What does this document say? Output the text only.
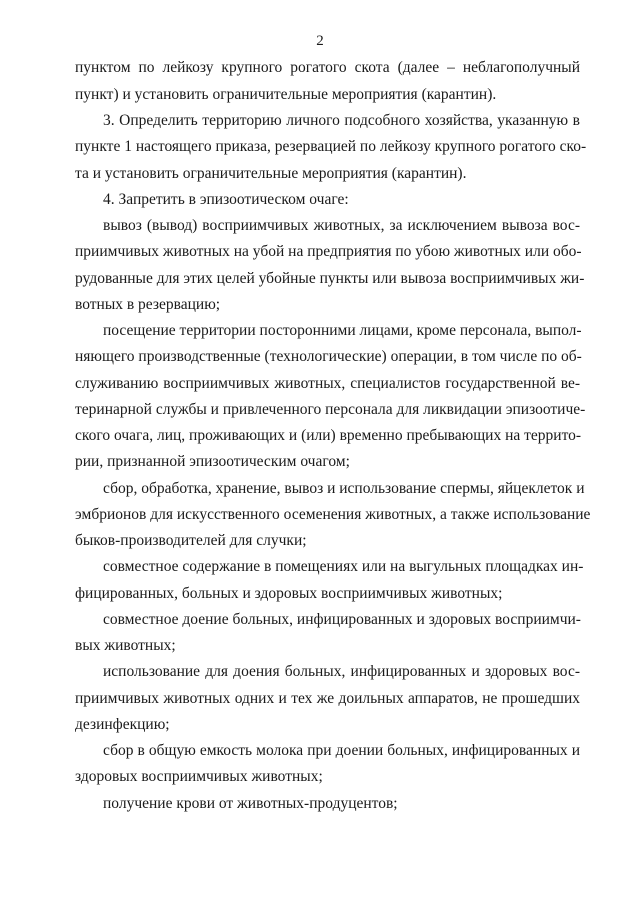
2
пунктом по лейкозу крупного рогатого скота (далее – неблагополучный
пункт) и установить ограничительные мероприятия (карантин).
3. Определить территорию личного подсобного хозяйства, указанную в
пункте 1 настоящего приказа, резервацией по лейкозу крупного рогатого ско-
та и установить ограничительные мероприятия (карантин).
4. Запретить в эпизоотическом очаге:
вывоз (вывод) восприимчивых животных, за исключением вывоза вос-
приимчивых животных на убой на предприятия по убою животных или обо-
рудованные для этих целей убойные пункты или вывоза восприимчивых жи-
вотных в резервацию;
посещение территории посторонними лицами, кроме персонала, выпол-
няющего производственные (технологические) операции, в том числе по об-
служиванию восприимчивых животных, специалистов государственной ве-
теринарной службы и привлеченного персонала для ликвидации эпизоотиче-
ского очага, лиц, проживающих и (или) временно пребывающих на террито-
рии, признанной эпизоотическим очагом;
сбор, обработка, хранение, вывоз и использование спермы, яйцеклеток и
эмбрионов для искусственного осеменения животных, а также использование
быков-производителей для случки;
совместное содержание в помещениях или на выгульных площадках ин-
фицированных, больных и здоровых восприимчивых животных;
совместное доение больных, инфицированных и здоровых восприимчи-
вых животных;
использование для доения больных, инфицированных и здоровых вос-
приимчивых животных одних и тех же доильных аппаратов, не прошедших
дезинфекцию;
сбор в общую емкость молока при доении больных, инфицированных и
здоровых восприимчивых животных;
получение крови от животных-продуцентов;
